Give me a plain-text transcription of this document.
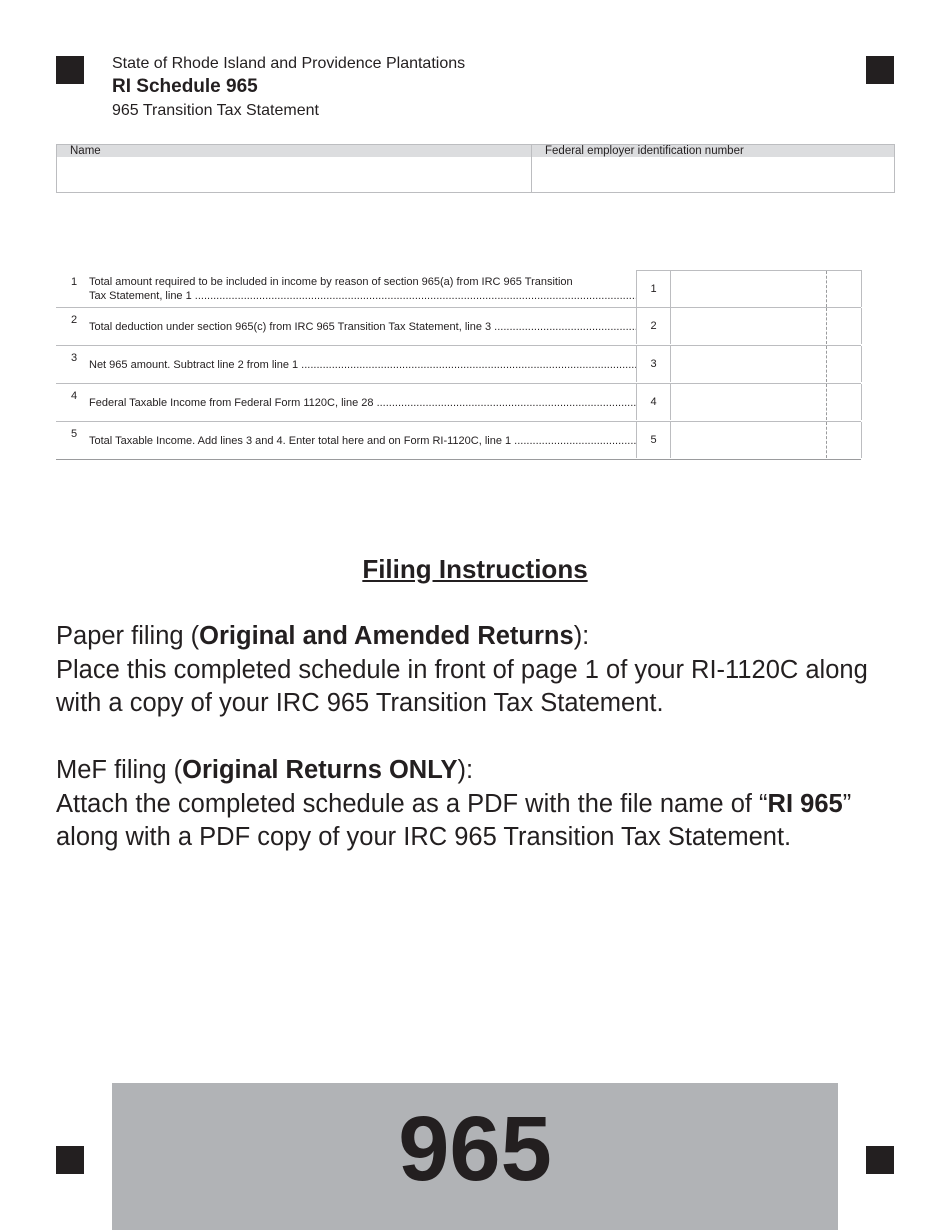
State of Rhode Island and Providence Plantations
RI Schedule 965
965 Transition Tax Statement
Name	Federal employer identification number
1 Total amount required to be included in income by reason of section 965(a) from IRC 965 Transition
Tax Statement, line 1 .....
1
2
Total deduction under section 965(c) from IRC 965 Transition Tax Statement, line 3 .....	2
3
Net 965 amount. Subtract line 2 from line 1 .....	3
4
Federal Taxable Income from Federal Form 1120C, line 28 .....	4
5
Total Taxable Income. Add lines 3 and 4. Enter total here and on Form RI-1120C, line 1 .....	5
Filing Instructions
Paper filing (Original and Amended Returns):
Place this completed schedule in front of page 1 of your RI-1120C along with a copy of your IRC 965 Transition Tax Statement.
MeF filing (Original Returns ONLY):
Attach the completed schedule as a PDF with the file name of “RI 965” along with a PDF copy of your IRC 965 Transition Tax Statement.
965
